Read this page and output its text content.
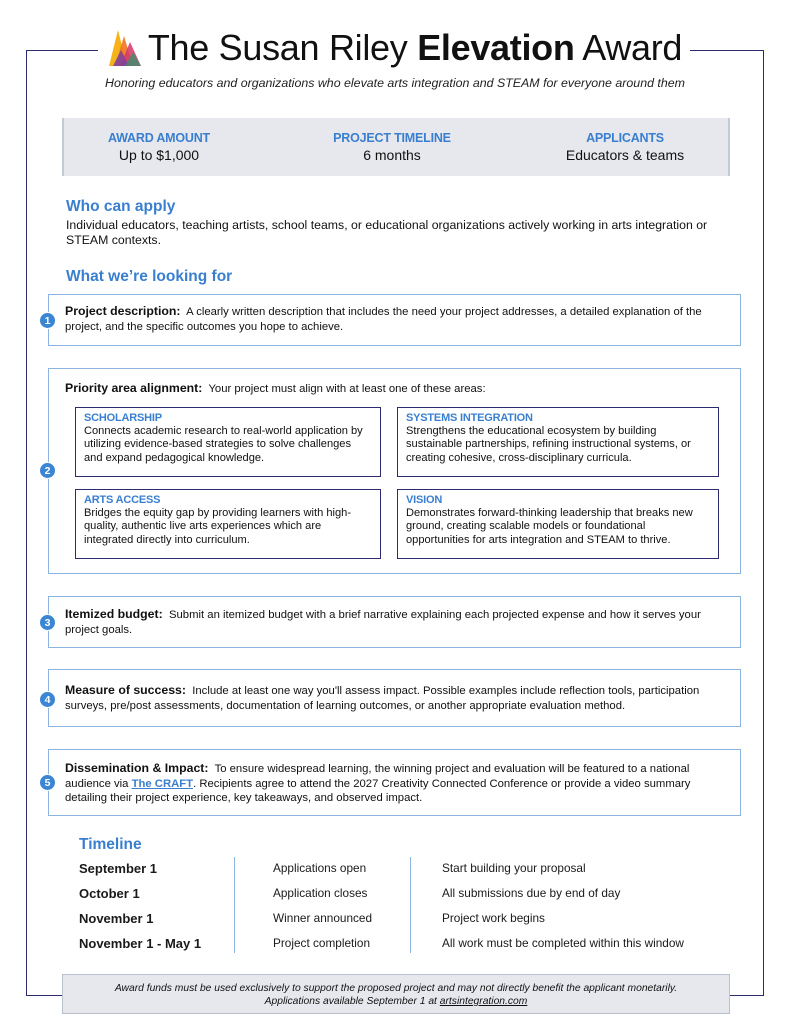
The Susan Riley Elevation Award
Honoring educators and organizations who elevate arts integration and STEAM for everyone around them
AWARD AMOUNT
Up to $1,000
PROJECT TIMELINE
6 months
APPLICANTS
Educators & teams
Who can apply
Individual educators, teaching artists, school teams, or educational organizations actively working in arts integration or STEAM contexts.
What we’re looking for
Project description: A clearly written description that includes the need your project addresses, a detailed explanation of the project, and the specific outcomes you hope to achieve.
1
Priority area alignment: Your project must align with at least one of these areas:
2
SCHOLARSHIP
Connects academic research to real-world application by utilizing evidence-based strategies to solve challenges and expand pedagogical knowledge.
SYSTEMS INTEGRATION
Strengthens the educational ecosystem by building sustainable partnerships, refining instructional systems, or creating cohesive, cross-disciplinary curricula.
ARTS ACCESS
Bridges the equity gap by providing learners with high-quality, authentic live arts experiences which are integrated directly into curriculum.
VISION
Demonstrates forward-thinking leadership that breaks new ground, creating scalable models or foundational opportunities for arts integration and STEAM to thrive.
Itemized budget: Submit an itemized budget with a brief narrative explaining each projected expense and how it serves your project goals.
3
Measure of success: Include at least one way you'll assess impact. Possible examples include reflection tools, participation surveys, pre/post assessments, documentation of learning outcomes, or another appropriate evaluation method.
4
Dissemination & Impact: To ensure widespread learning, the winning project and evaluation will be featured to a national audience via The CRAFT. Recipients agree to attend the 2027 Creativity Connected Conference or provide a video summary detailing their project experience, key takeaways, and observed impact.
5
Timeline
September 1	Applications open	Start building your proposal
October 1	Application closes	All submissions due by end of day
November 1	Winner announced	Project work begins
November 1 - May 1	Project completion	All work must be completed within this window
Award funds must be used exclusively to support the proposed project and may not directly benefit the applicant monetarily.
Applications available September 1 at artsintegration.com
